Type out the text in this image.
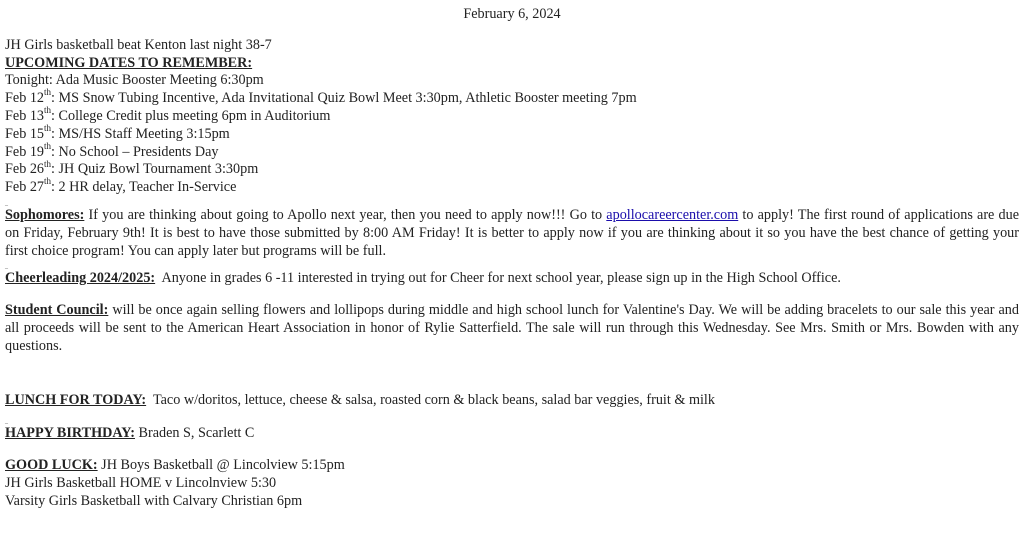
February 6, 2024

JH Girls basketball beat Kenton last night 38-7

UPCOMING DATES TO REMEMBER:

Tonight: Ada Music Booster Meeting 6:30pm

Feb 12th: MS Snow Tubing Incentive, Ada Invitational Quiz Bowl Meet 3:30pm, Athletic Booster meeting 7pm

Feb 13th: College Credit plus meeting 6pm in Auditorium

Feb 15th: MS/HS Staff Meeting 3:15pm

Feb 19th: No School – Presidents Day

Feb 26th: JH Quiz Bowl Tournament 3:30pm

Feb 27th: 2 HR delay, Teacher In-Service

_

Sophomores: If you are thinking about going to Apollo next year, then you need to apply now!!! Go to apollocareercenter.com to apply! The first round of applications are due on Friday, February 9th! It is best to have those submitted by 8:00 AM Friday! It is better to apply now if you are thinking about it so you have the best chance of getting your first choice program! You can apply later but programs will be full.

_

Cheerleading 2024/2025:  Anyone in grades 6 -11 interested in trying out for Cheer for next school year, please sign up in the High School Office.

Student Council: will be once again selling flowers and lollipops during middle and high school lunch for Valentine's Day. We will be adding bracelets to our sale this year and all proceeds will be sent to the American Heart Association in honor of Rylie Satterfield. The sale will run through this Wednesday. See Mrs. Smith or Mrs. Bowden with any questions.

LUNCH FOR TODAY:  Taco w/doritos, lettuce, cheese & salsa, roasted corn & black beans, salad bar veggies, fruit & milk

_

HAPPY BIRTHDAY: Braden S, Scarlett C

GOOD LUCK: JH Boys Basketball @ Lincolview 5:15pm

JH Girls Basketball HOME v Lincolnview 5:30

Varsity Girls Basketball with Calvary Christian 6pm
